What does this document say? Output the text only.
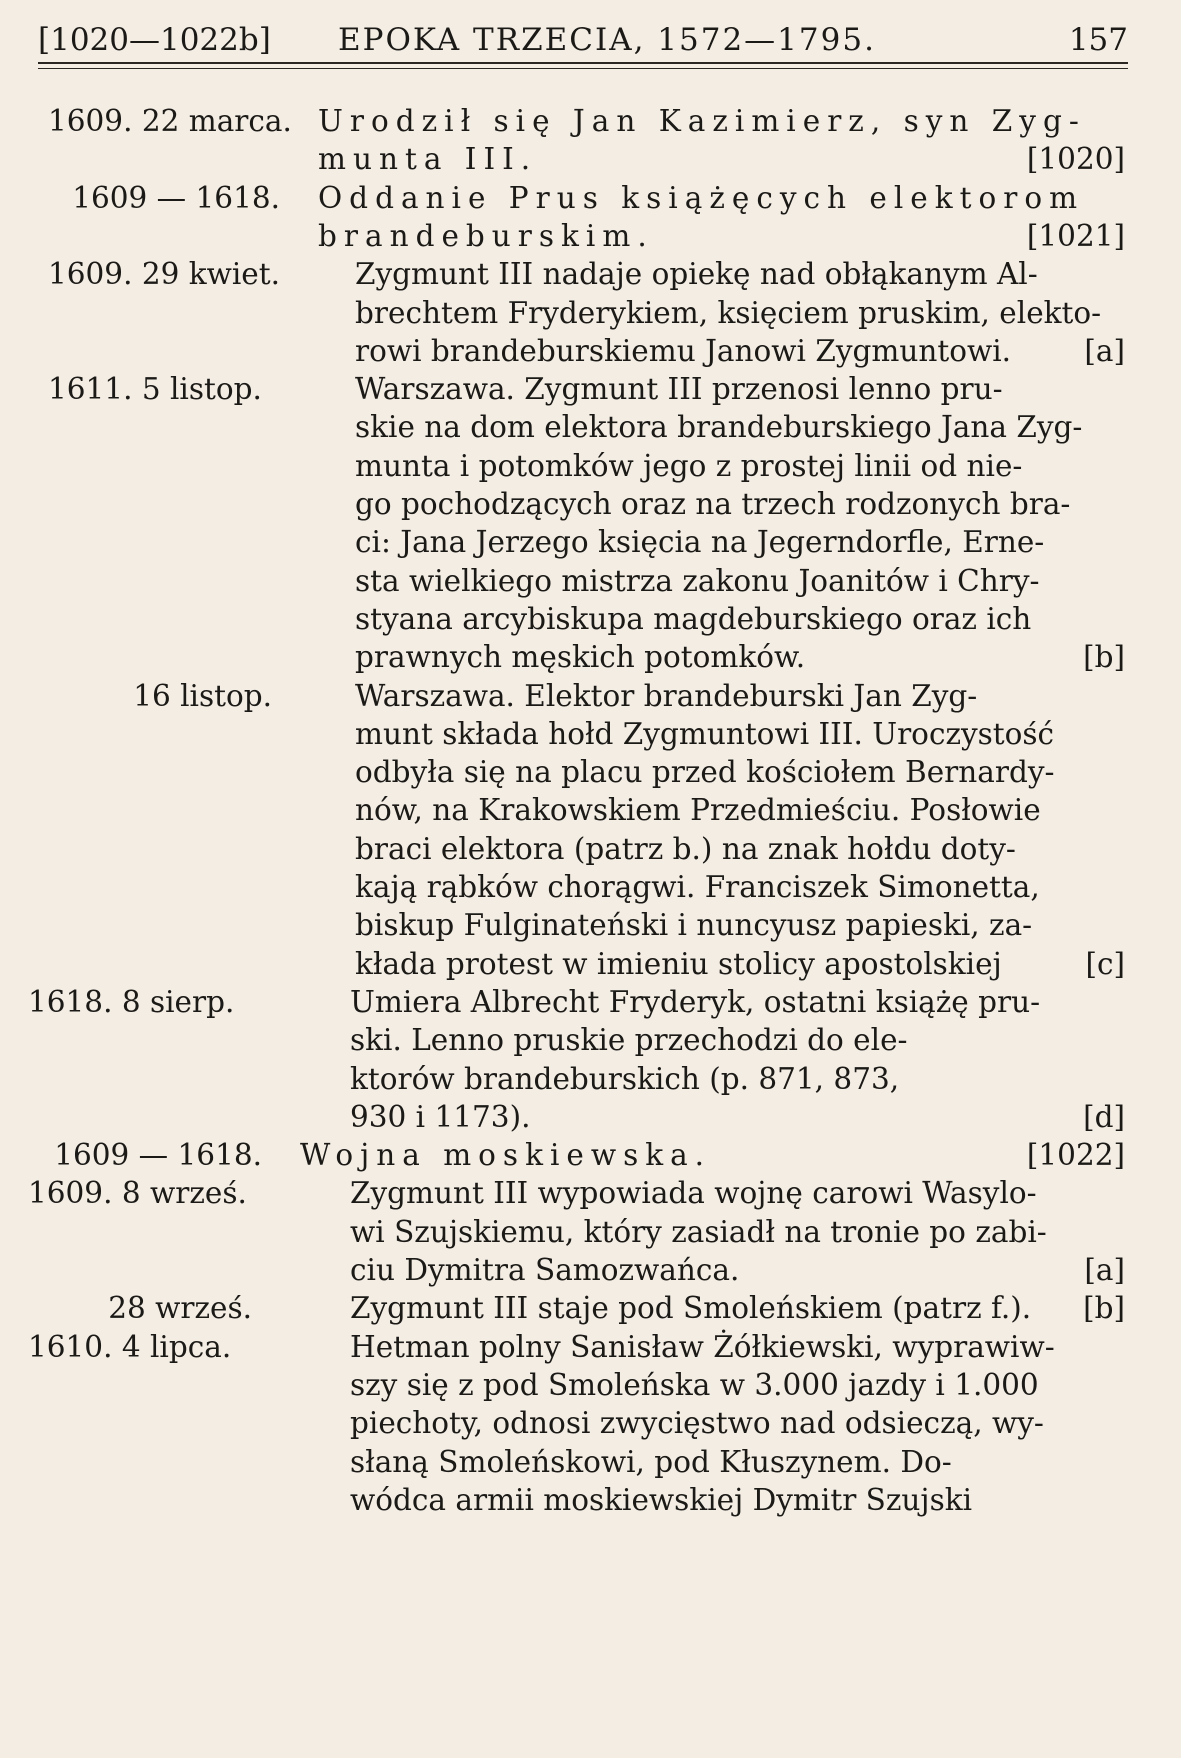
[1020—1022b] EPOKA TRZECIA, 1572—1795.	157
1609. 22 marca. Urodził się Jan Kazimierz, syn Zyg-
munta III.	[1020]
1609 — 1618. Oddanie Prus książęcych elektorom
brandeburskim.	[1021]
1609. 29 kwiet.	Zygmunt III nadaje opiekę nad obłąkanym Al-
brechtem Fryderykiem, księciem pruskim, elekto-
rowi brandeburskiemu Janowi Zygmuntowi. [a]
1611. 5 listop.	Warszawa. Zygmunt III przenosi lenno pru-
skie na dom elektora brandeburskiego Jana Zyg-
munta i potomków jego z prostej linii od nie-
go pochodzących oraz na trzech rodzonych bra-
ci: Jana Jerzego księcia na Jegerndorfle, Erne-
sta wielkiego mistrza zakonu Joanitów i Chry-
styana arcybiskupa magdeburskiego oraz ich
prawnych męskich potomków.	[b]
16 listop.	Warszawa. Elektor brandeburski Jan Zyg-
munt składa hołd Zygmuntowi III. Uroczystość
odbyła się na placu przed kościołem Bernardy-
nów, na Krakowskiem Przedmieściu. Posłowie
braci elektora (patrz b.) na znak hołdu doty-
kają rąbków chorągwi. Franciszek Simonetta,
biskup Fulginateński i nuncyusz papieski, za-
kłada protest w imieniu stolicy apostolskiej	[c]
1618. 8 sierp.	Umiera Albrecht Fryderyk, ostatni książę pru-
ski. Lenno pruskie przechodzi do ele-
ktorów brandeburskich (p. 871, 873,
930 i 1173).	[d]
1609 — 1618. Wojna moskiewska.	[1022]
1609. 8 wrześ.	Zygmunt III wypowiada wojnę carowi Wasylo-
wi Szujskiemu, który zasiadł na tronie po zabi-
ciu Dymitra Samozwańca.	[a]
28 wrześ.	Zygmunt III staje pod Smoleńskiem (patrz f.). [b]
1610. 4 lipca.	Hetman polny Sanisław Żółkiewski, wyprawiw-
szy się z pod Smoleńska w 3.000 jazdy i 1.000
piechoty, odnosi zwycięstwo nad odsieczą, wy-
słaną Smoleńskowi, pod Kłuszynem. Do-
wódca armii moskiewskiej Dymitr Szujski
